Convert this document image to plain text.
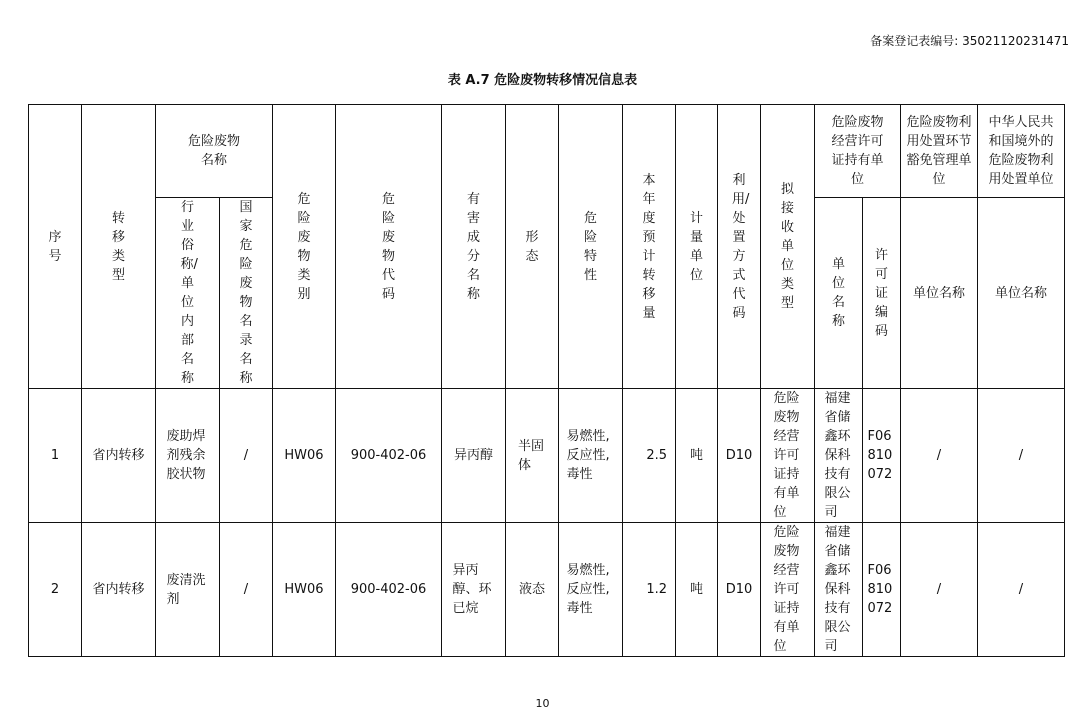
备案登记表编号: 35021120231471
表 A.7 危险废物转移情况信息表
序号	转移类型	危险废物名称		危险废物类别	危险废物代码	有害成分名称	形态	危险特性	本年度预计转移量	计量单位	利用/处置方式代码	拟接收单位类型	危险废物经营许可证持有单位		危险废物利用处置环节豁免管理单位	中华人民共和国境外的危险废物利用处置单位
		行业俗称/单位内部名称	国家危险废物名录名称										单位名称	许可证编码	单位名称	单位名称
1	省内转移	废助焊剂残余胶状物	/	HW06	900-402-06	异丙醇	半固体	易燃性,反应性,毒性	2.5	吨	D10	危险废物经营许可证持有单位	福建省储鑫环保科技有限公司	F06810072	/	/
2	省内转移	废清洗剂	/	HW06	900-402-06	异丙醇、环已烷	液态	易燃性,反应性,毒性	1.2	吨	D10	危险废物经营许可证持有单位	福建省储鑫环保科技有限公司	F06810072	/	/
10
